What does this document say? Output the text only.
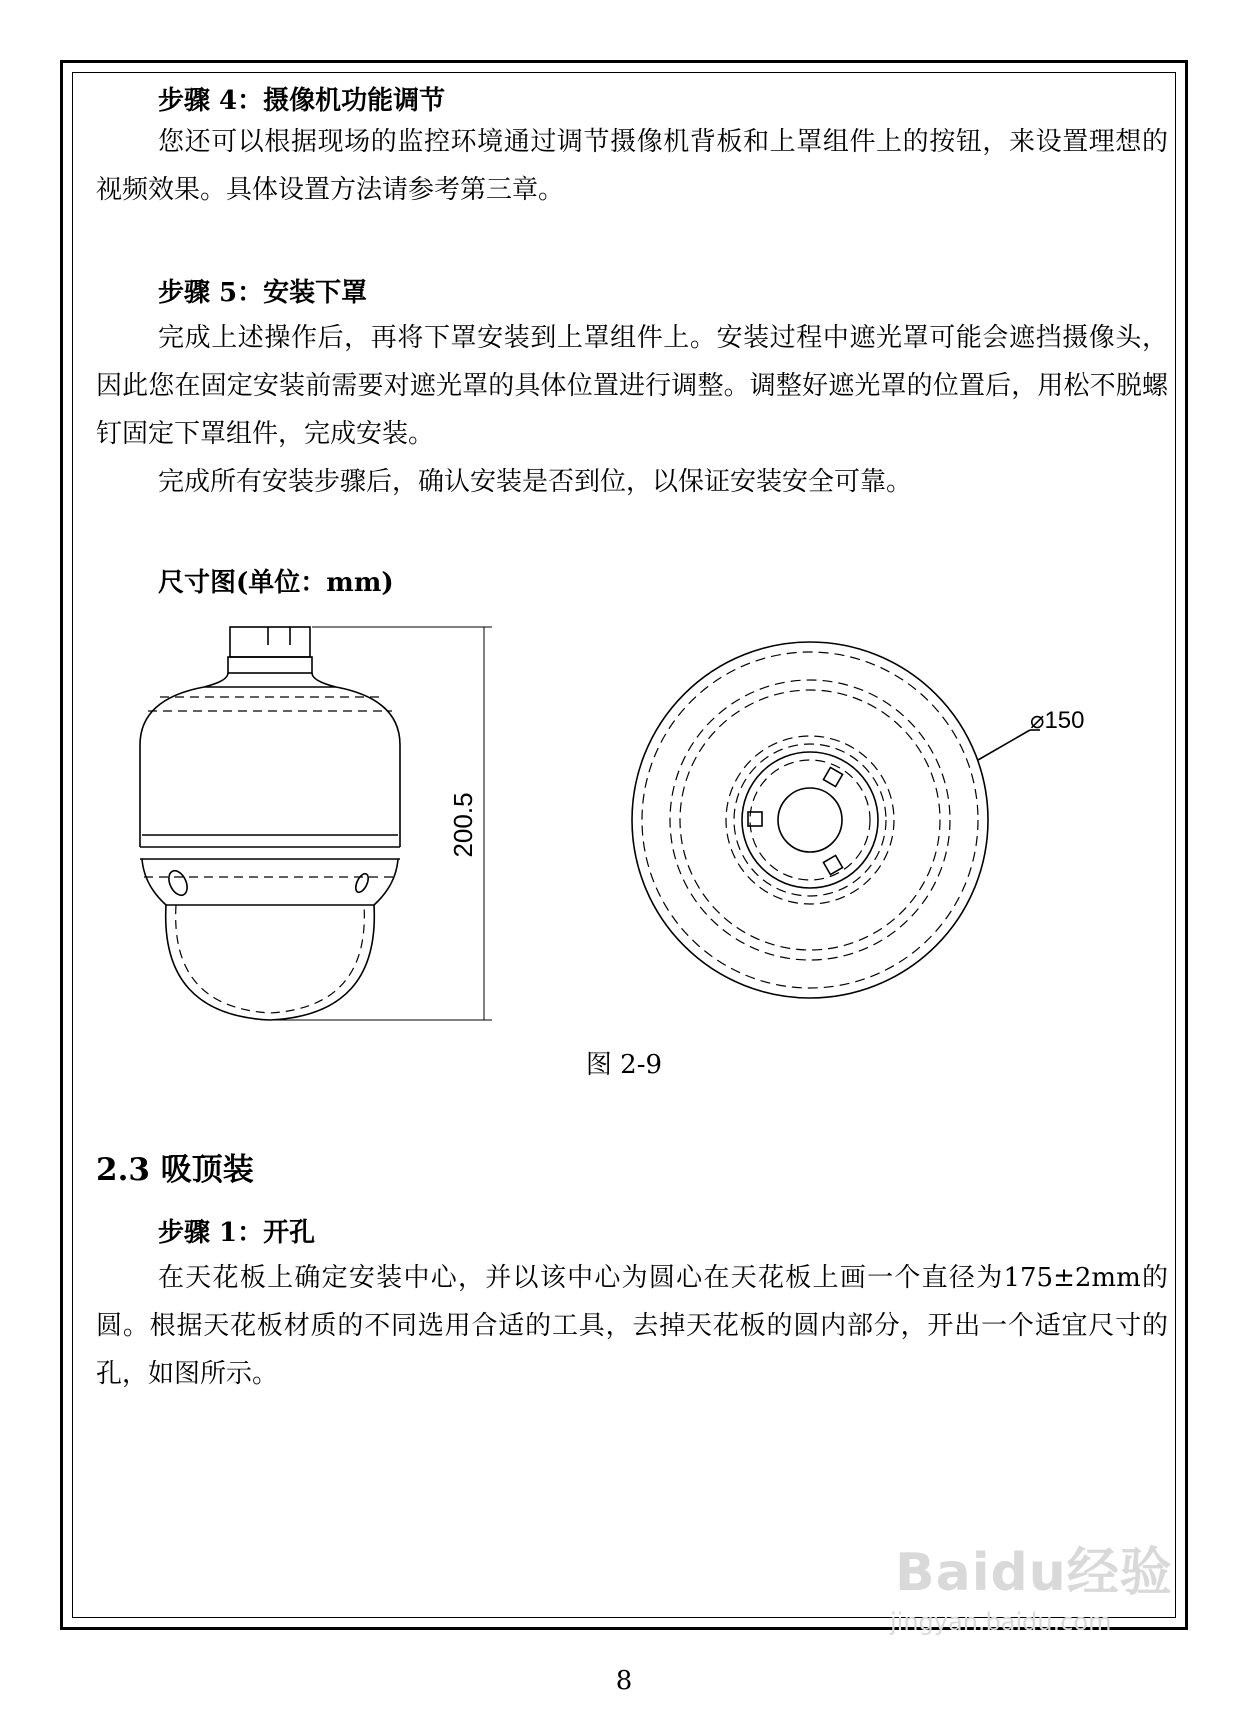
步骤 4：摄像机功能调节

您还可以根据现场的监控环境通过调节摄像机背板和上罩组件上的按钮，来设置理想的视频效果。具体设置方法请参考第三章。

步骤 5：安装下罩

完成上述操作后，再将下罩安装到上罩组件上。安装过程中遮光罩可能会遮挡摄像头，因此您在固定安装前需要对遮光罩的具体位置进行调整。调整好遮光罩的位置后，用松不脱螺钉固定下罩组件，完成安装。

完成所有安装步骤后，确认安装是否到位，以保证安装安全可靠。

尺寸图(单位：mm)
200.5
⌀150
图 2-9
2.3 吸顶装
步骤 1：开孔

在天花板上确定安装中心，并以该中心为圆心在天花板上画一个直径为175±2mm的圆。根据天花板材质的不同选用合适的工具，去掉天花板的圆内部分，开出一个适宜尺寸的孔，如图所示。

8
Baidu经验
jingyan.baidu.com
